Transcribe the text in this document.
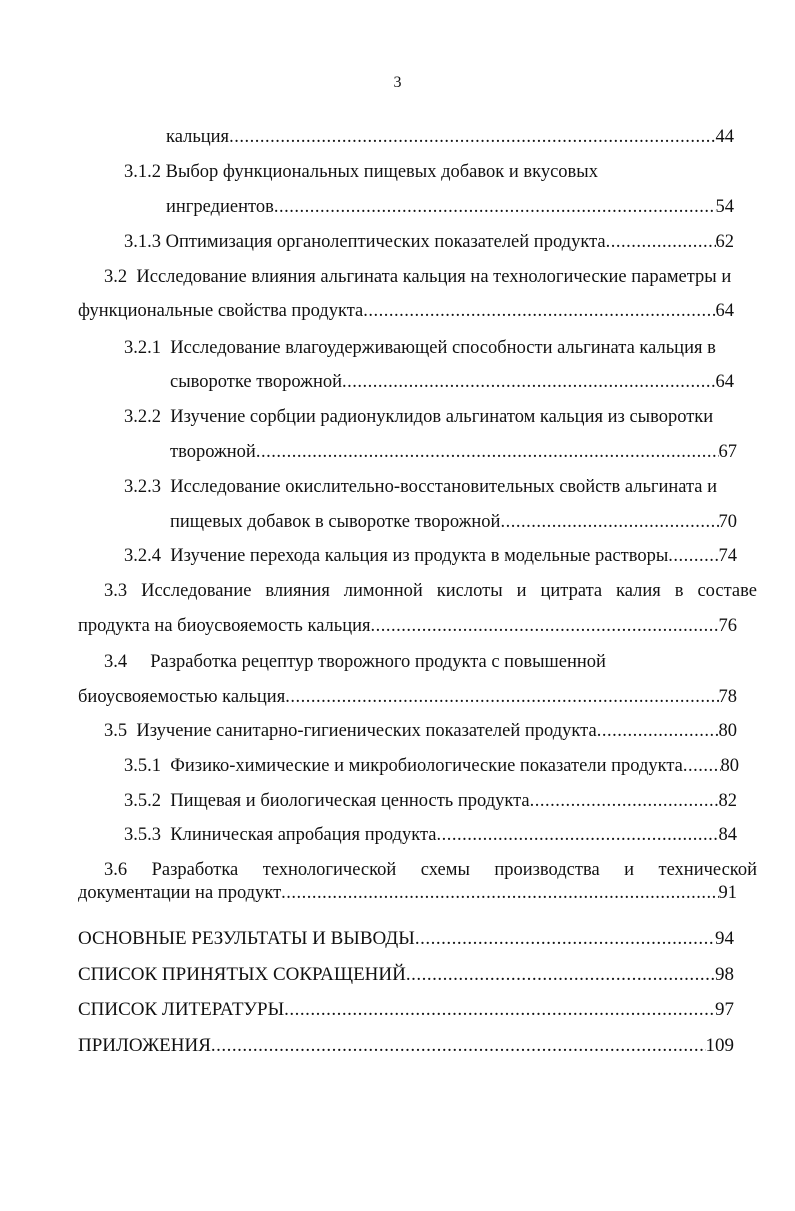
3
кальция .....	44
3.1.2 Выбор функциональных пищевых добавок и вкусовых
ингредиентов .....	54
3.1.3 Оптимизация органолептических показателей продукта .....	62
3.2 Исследование влияния альгината кальция на технологические параметры и
функциональные свойства продукта .....	64
3.2.1 Исследование влагоудерживающей способности альгината кальция в
сыворотке творожной .....	64
3.2.2 Изучение сорбции радионуклидов альгинатом кальция из сыворотки
творожной .....	67
3.2.3 Исследование окислительно-восстановительных свойств альгината и
пищевых добавок в сыворотке творожной .....	70
3.2.4 Изучение перехода кальция из продукта в модельные растворы .....	74
3.3 Исследование влияния лимонной кислоты и цитрата калия в составе
продукта на биоусвояемость кальция .....	76
3.4 Разработка рецептур творожного продукта с повышенной
биоусвояемостью кальция .....	78
3.5 Изучение санитарно-гигиенических показателей продукта .....	80
3.5.1 Физико-химические и микробиологические показатели продукта ..... 80
3.5.2 Пищевая и биологическая ценность продукта .....	82
3.5.3 Клиническая апробация продукта .....	84
3.6 Разработка технологической схемы производства и технической
документации на продукт .....	91
ОСНОВНЫЕ РЕЗУЛЬТАТЫ И ВЫВОДЫ .....	94
СПИСОК ПРИНЯТЫХ СОКРАЩЕНИЙ .....	98
СПИСОК ЛИТЕРАТУРЫ .....	97
ПРИЛОЖЕНИЯ .....	109
